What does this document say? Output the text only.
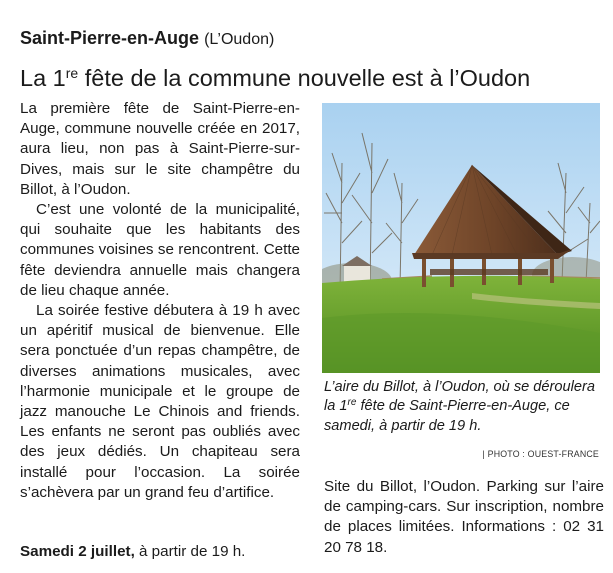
Saint-Pierre-en-Auge (L’Oudon)
La 1re fête de la commune nouvelle est à l’Oudon

La première fête de Saint-Pierre-en-Auge, commune nouvelle créée en 2017, aura lieu, non pas à Saint-Pierre-sur-Dives, mais sur le site champêtre du Billot, à l’Oudon.

C’est une volonté de la municipalité, qui souhaite que les habitants des communes voisines se rencontrent. Cette fête deviendra annuelle mais changera de lieu chaque année.

La soirée festive débutera à 19 h avec un apéritif musical de bienvenue. Elle sera ponctuée d’un repas champêtre, de diverses animations musicales, avec l’harmonie municipale et le groupe de jazz manouche Le Chinois and friends. Les enfants ne seront pas oubliés avec des jeux dédiés. Un chapiteau sera installé pour l’occasion. La soirée s’achèvera par un grand feu d’artifice.

Samedi 2 juillet, à partir de 19 h.
L’aire du Billot, à l’Oudon, où se déroulera la 1re fête de Saint-Pierre-en-Auge, ce samedi, à partir de 19 h.
| PHOTO : OUEST-FRANCE
Site du Billot, l’Oudon. Parking sur l’aire de camping-cars. Sur inscription, nombre de places limitées. Informations : 02 31 20 78 18.
